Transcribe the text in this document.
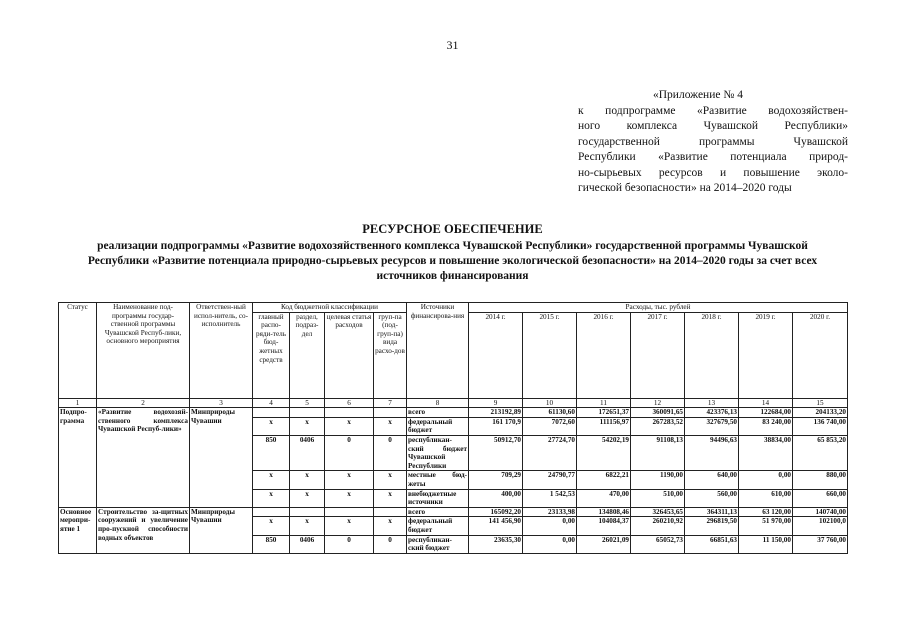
31
«Приложение № 4
к подпрограмме «Развитие водохозяйствен-
ного комплекса Чувашской Республики»
государственной программы Чувашской
Республики «Развитие потенциала природ-
но-сырьевых ресурсов и повышение эколо-
гической безопасности» на 2014–2020 годы
РЕСУРСНОЕ ОБЕСПЕЧЕНИЕ
реализации подпрограммы «Развитие водохозяйственного комплекса Чувашской Республики» государственной программы Чувашской Республики «Развитие потенциала природно-сырьевых ресурсов и повышение экологической безопасности» на 2014–2020 годы за счет всех источников финансирования
Статус	Наименование под-программы государ-ственной программы Чувашской Респуб-лики, основного мероприятия	Ответствен-ный испол-нитель, со-исполнитель	Код бюджетной классификации				Источники финансирова-ния	Расходы, тыс. рублей						
			главный распо-ряди-тель бюд-жетных средств	раздел, подраз-дел	целевая статья расходов	груп-па (под-груп-па) вида расхо-дов		2014 г.	2015 г.	2016 г.	2017 г.	2018 г.	2019 г.	2020 г.
1	2	3	4	5	6	7	8	9	10	11	12	13	14	15
Подпро-грамма	«Развитие водохозяй-ственного комплекса Чувашской Респуб-лики»	Минприроды Чувашии					всего	213192,89	61130,60	172651,37	360091,65	423376,13	122684,00	204133,20
			x	x	x	x	федеральный бюджет	161 170,9	7072,60	111156,97	267283,52	327679,50	83 240,00	136 740,00
			850	0406	0	0	республикан-ский бюджет Чувашской Республики	50912,70	27724,70	54202,19	91108,13	94496,63	38834,00	65 853,20
			x	x	x	x	местные бюд-жеты	709,29	24790,77	6822,21	1190,00	640,00	0,00	880,00
			x	x	x	x	внебюджетные источники	400,00	1 542,53	470,00	510,00	560,00	610,00	660,00
Основное меропри-ятие 1	Строительство за-щитных сооружений и увеличение про-пускной способности водных объектов	Минприроды Чувашии					всего	165092,20	23133,98	134808,46	326453,65	364311,13	63 120,00	140740,00
			x	x	x	x	федеральный бюджет	141 456,90	0,00	104084,37	260210,92	296819,50	51 970,00	102100,0
			850	0406	0	0	республикан-ский бюджет	23635,30	0,00	26021,09	65052,73	66851,63	11 150,00	37 760,00
